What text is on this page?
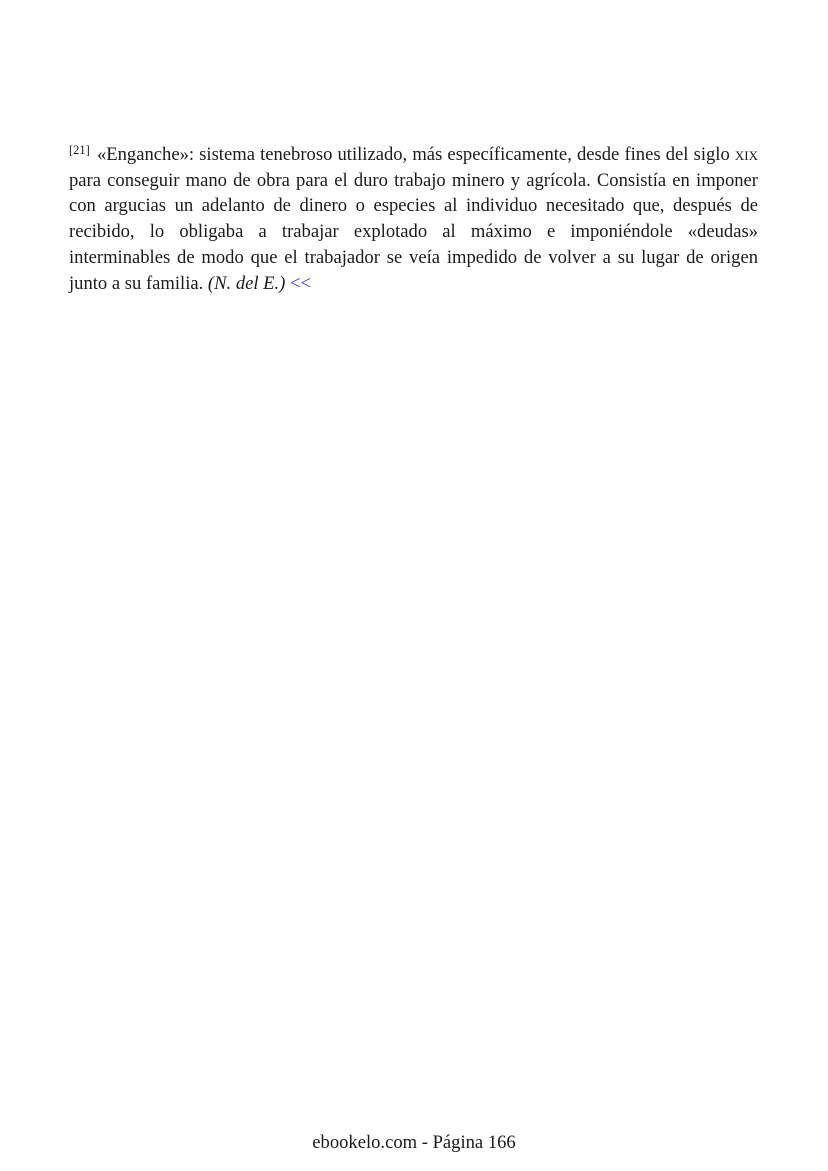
[21] «Enganche»: sistema tenebroso utilizado, más específicamente, desde fines del siglo xix para conseguir mano de obra para el duro trabajo minero y agrícola. Consistía en imponer con argucias un adelanto de dinero o especies al individuo necesitado que, después de recibido, lo obligaba a trabajar explotado al máximo e imponiéndole «deudas» interminables de modo que el trabajador se veía impedido de volver a su lugar de origen junto a su familia. (N. del E.) <<

ebookelo.com - Página 166
